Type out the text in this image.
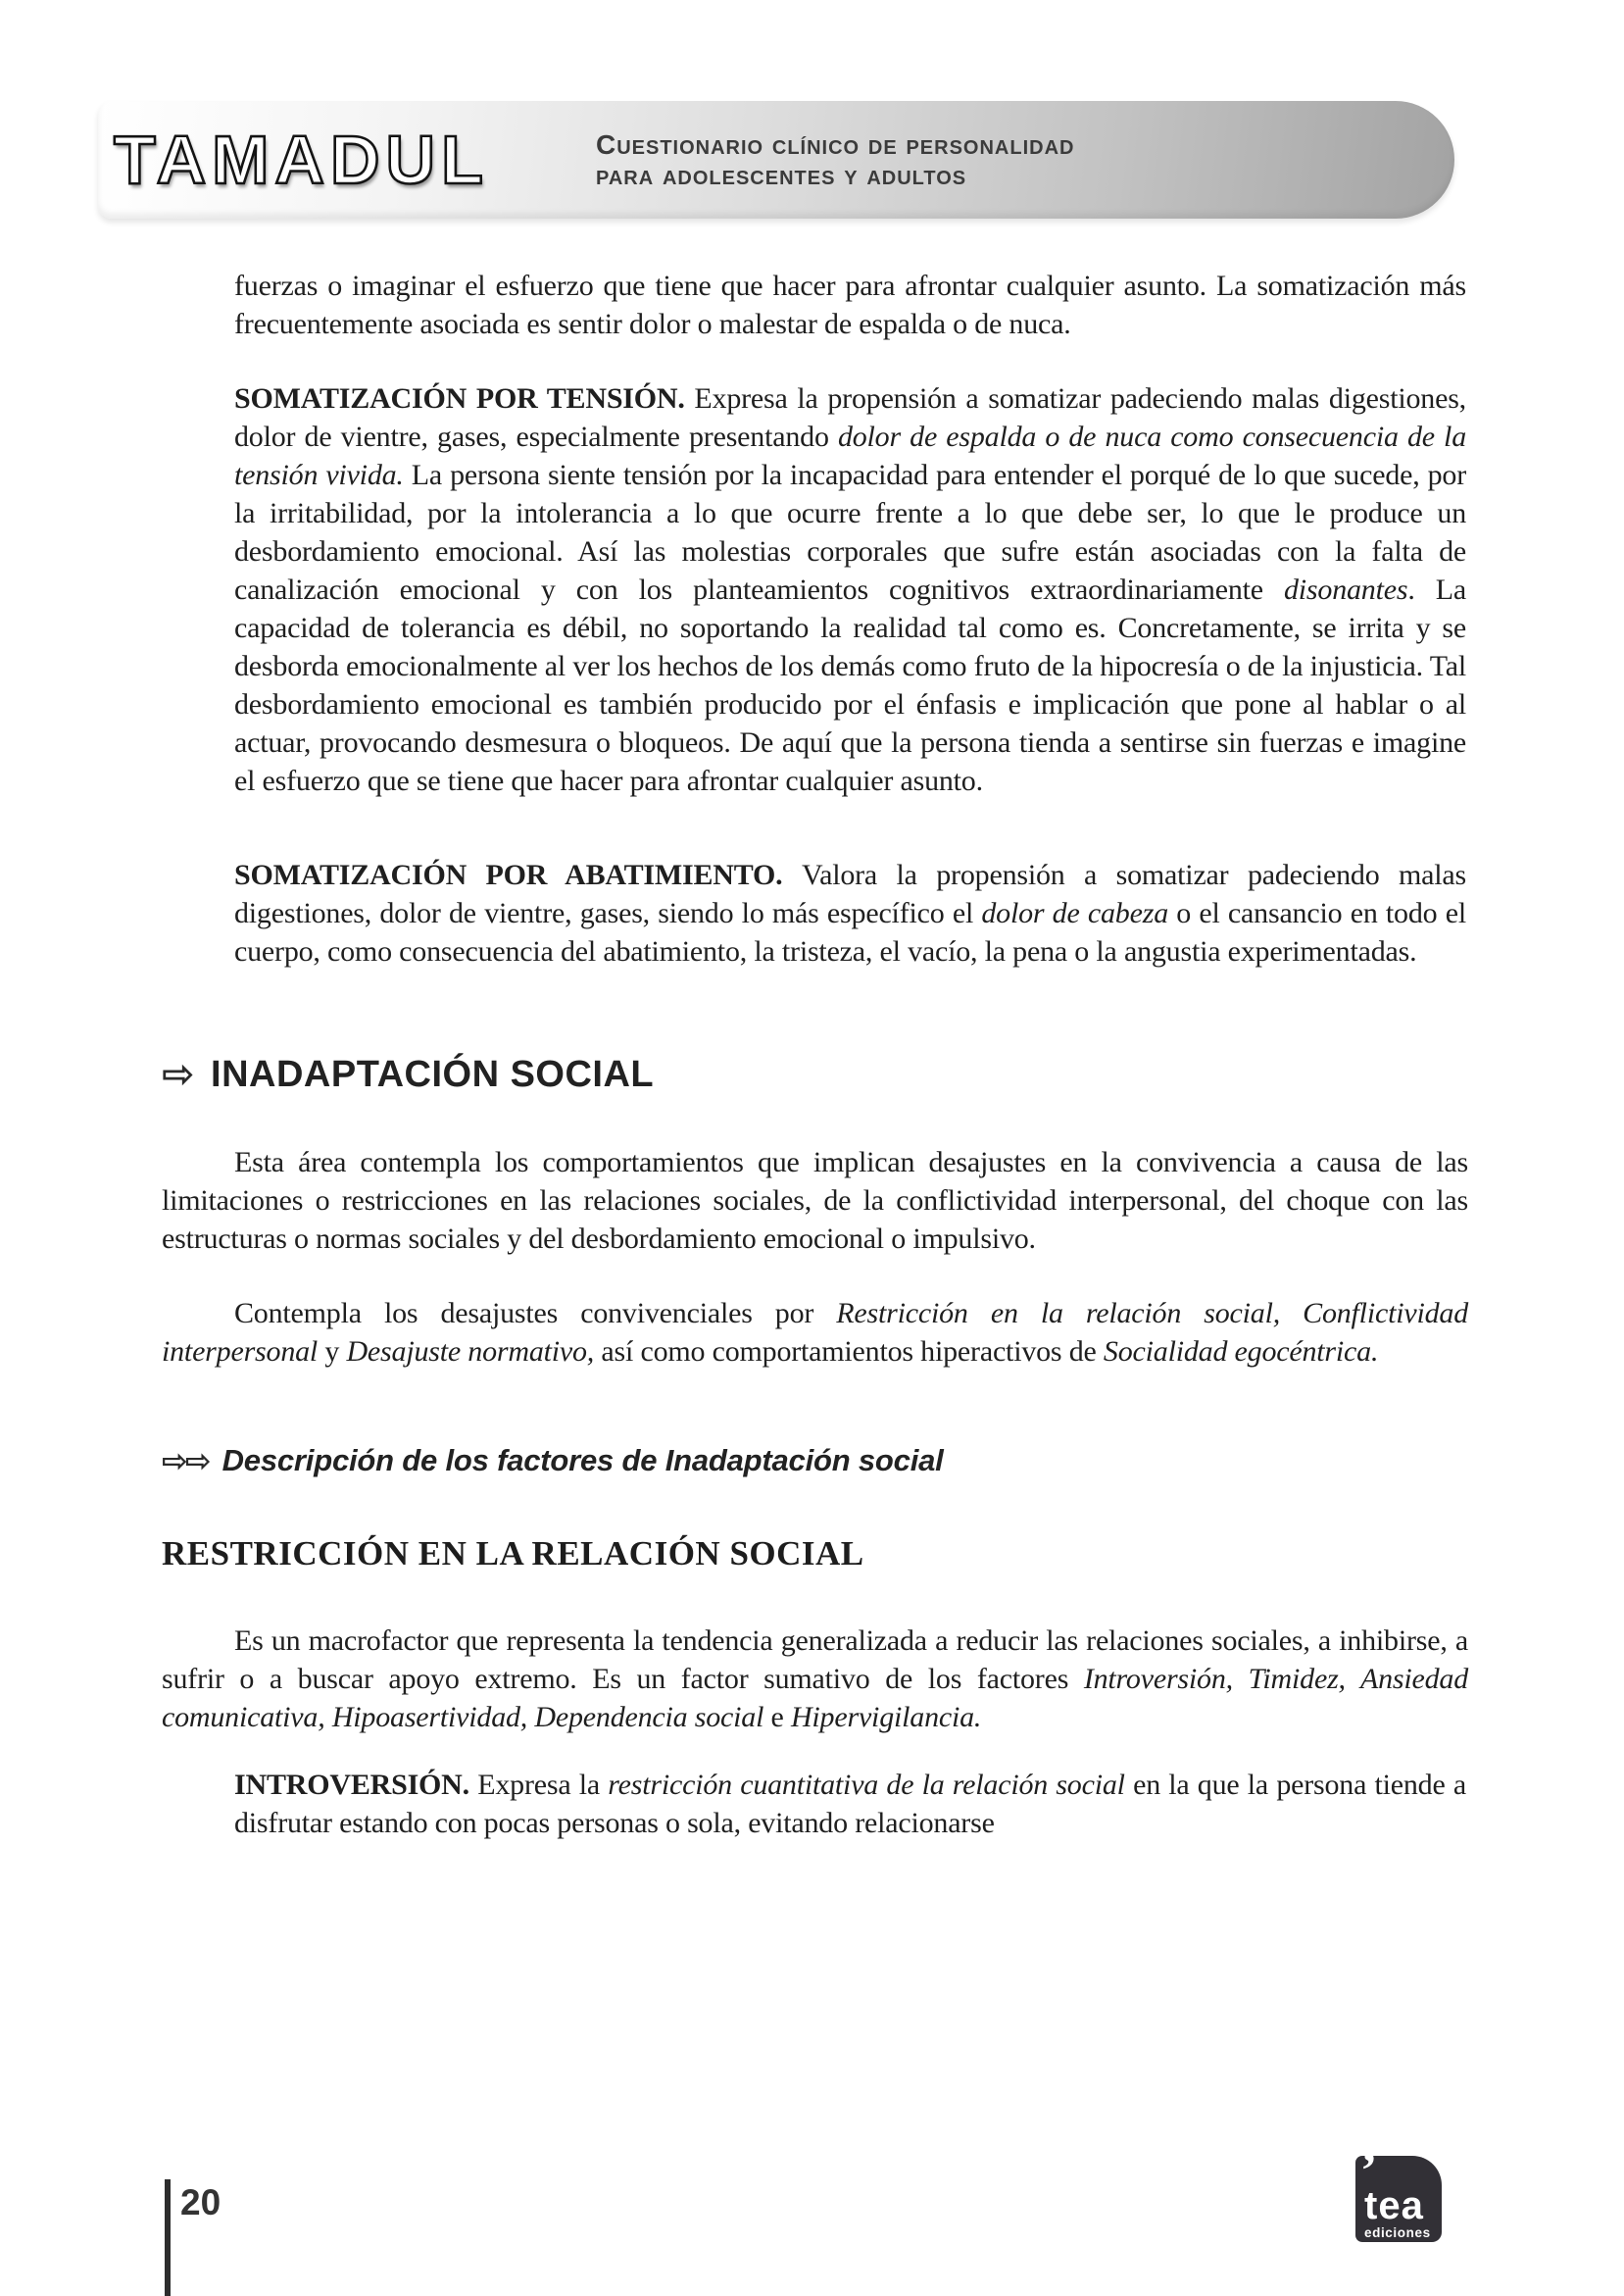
TAMADUL	Cuestionario clínico de personalidad
para adolescentes y adultos

fuerzas o imaginar el esfuerzo que tiene que hacer para afrontar cualquier asunto. La somatización más frecuentemente asociada es sentir dolor o malestar de espalda o de nuca.

SOMATIZACIÓN POR TENSIÓN. Expresa la propensión a somatizar padeciendo malas digestiones, dolor de vientre, gases, especialmente presentando dolor de espalda o de nuca como consecuencia de la tensión vivida. La persona siente tensión por la incapacidad para entender el porqué de lo que sucede, por la irritabilidad, por la intolerancia a lo que ocurre frente a lo que debe ser, lo que le produce un desbordamiento emocional. Así las molestias corporales que sufre están asociadas con la falta de canalización emocional y con los planteamientos cognitivos extraordinariamente disonantes. La capacidad de tolerancia es débil, no soportando la realidad tal como es. Concretamente, se irrita y se desborda emocionalmente al ver los hechos de los demás como fruto de la hipocresía o de la injusticia. Tal desbordamiento emocional es también producido por el énfasis e implicación que pone al hablar o al actuar, provocando desmesura o bloqueos. De aquí que la persona tienda a sentirse sin fuerzas e imagine el esfuerzo que se tiene que hacer para afrontar cualquier asunto.

SOMATIZACIÓN POR ABATIMIENTO. Valora la propensión a somatizar padeciendo malas digestiones, dolor de vientre, gases, siendo lo más específico el dolor de cabeza o el cansancio en todo el cuerpo, como consecuencia del abatimiento, la tristeza, el vacío, la pena o la angustia experimentadas.

⇨ INADAPTACIÓN SOCIAL

Esta área contempla los comportamientos que implican desajustes en la convivencia a causa de las limitaciones o restricciones en las relaciones sociales, de la conflictividad interpersonal, del choque con las estructuras o normas sociales y del desbordamiento emocional o impulsivo.

Contempla los desajustes convivenciales por Restricción en la relación social, Conflictividad interpersonal y Desajuste normativo, así como comportamientos hiperactivos de Socialidad egocéntrica.

⇨⇨ Descripción de los factores de Inadaptación social
RESTRICCIÓN EN LA RELACIÓN SOCIAL

Es un macrofactor que representa la tendencia generalizada a reducir las relaciones sociales, a inhibirse, a sufrir o a buscar apoyo extremo. Es un factor sumativo de los factores Introversión, Timidez, Ansiedad comunicativa, Hipoasertividad, Dependencia social e Hipervigilancia.

INTROVERSIÓN. Expresa la restricción cuantitativa de la relación social en la que la persona tiende a disfrutar estando con pocas personas o sola, evitando relacionarse

20
’
tea
ediciones
